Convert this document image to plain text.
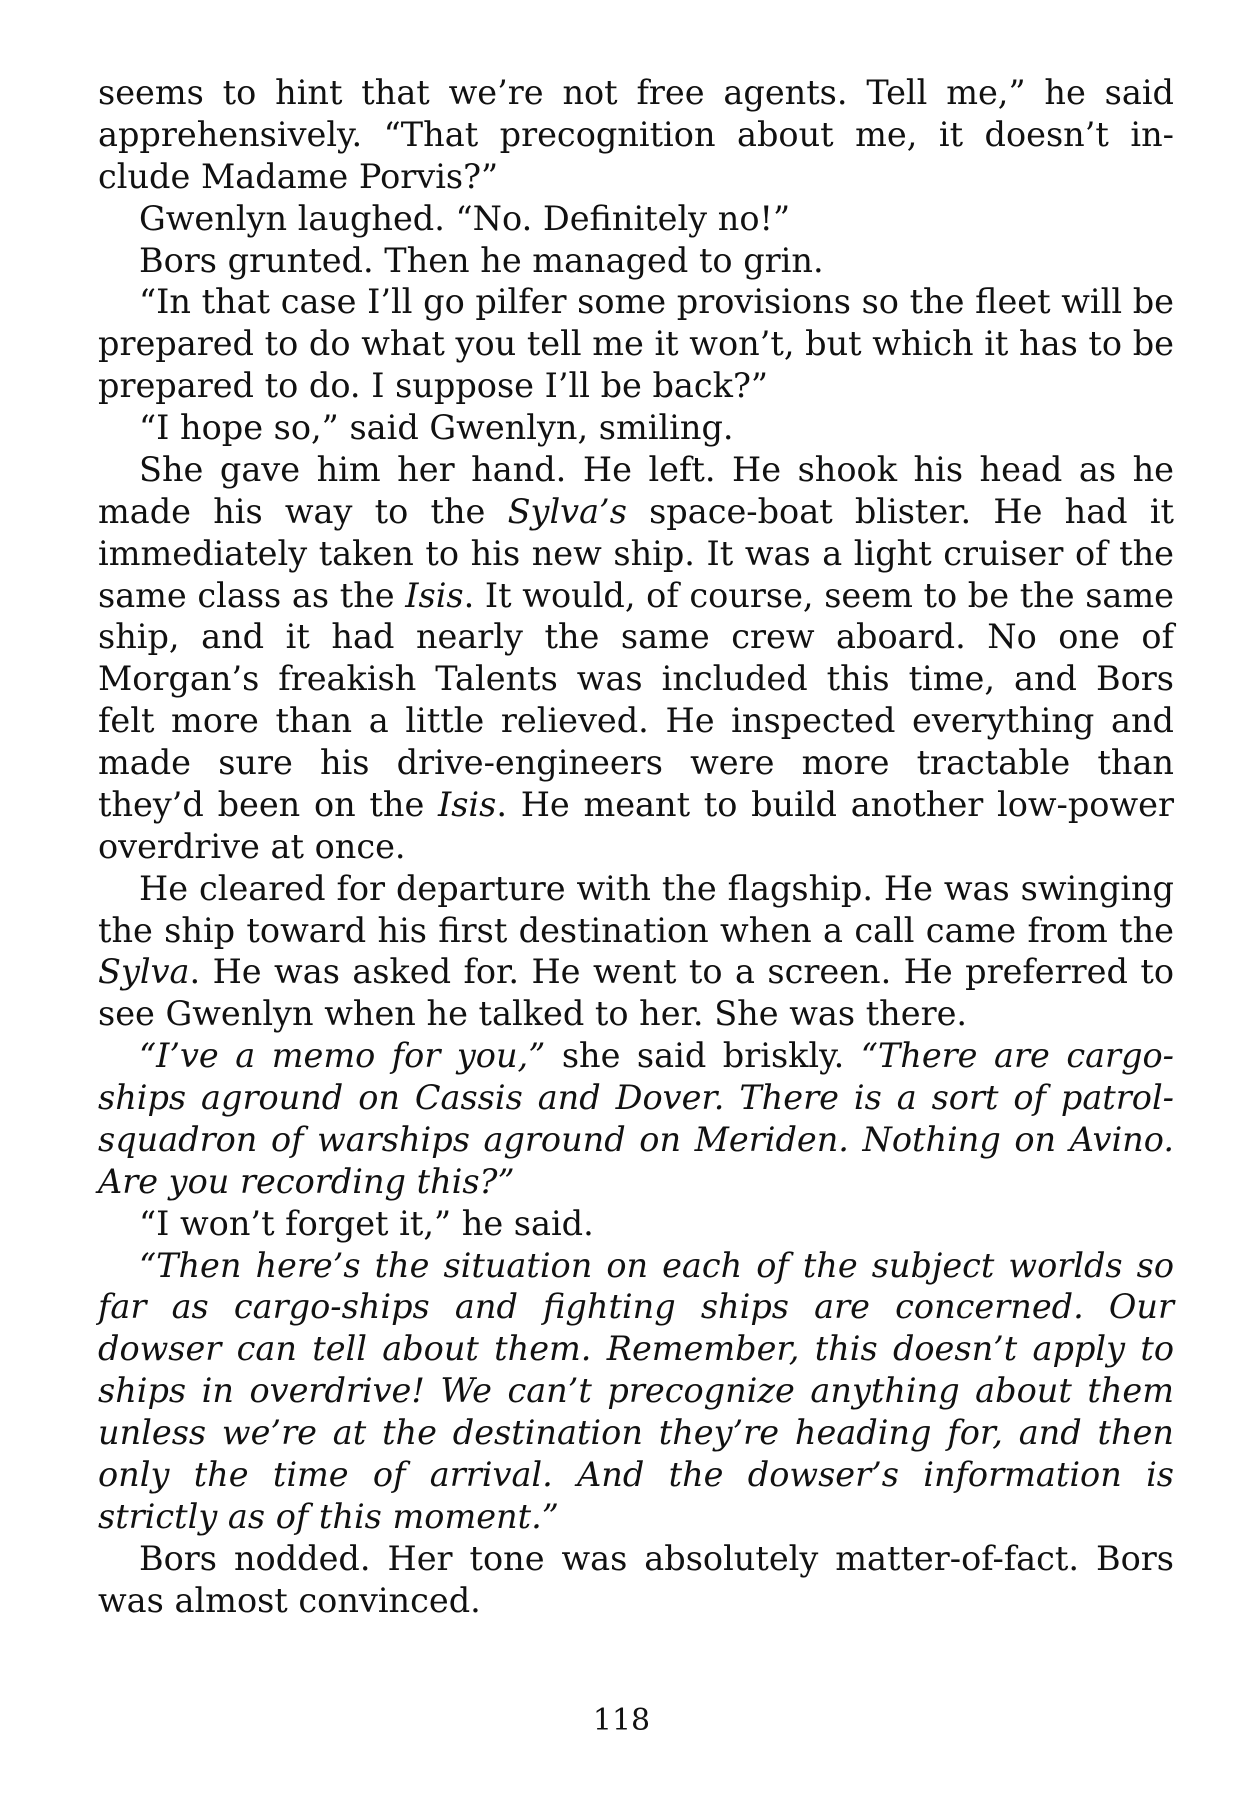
seems to hint that we’re not free agents. Tell me,” he said apprehensively. “That precognition about me, it doesn’t include Madame Porvis?”

Gwenlyn laughed. “No. Definitely no!”

Bors grunted. Then he managed to grin.

“In that case I’ll go pilfer some provisions so the fleet will be prepared to do what you tell me it won’t, but which it has to be prepared to do. I suppose I’ll be back?”

“I hope so,” said Gwenlyn, smiling.

She gave him her hand. He left. He shook his head as he made his way to the Sylva’s space-boat blister. He had it immediately taken to his new ship. It was a light cruiser of the same class as the Isis. It would, of course, seem to be the same ship, and it had nearly the same crew aboard. No one of Morgan’s freakish Talents was included this time, and Bors felt more than a little relieved. He inspected everything and made sure his drive-engineers were more tractable than they’d been on the Isis. He meant to build another low-power overdrive at once.

He cleared for departure with the flagship. He was swinging the ship toward his first destination when a call came from the Sylva. He was asked for. He went to a screen. He preferred to see Gwenlyn when he talked to her. She was there.

“I’ve a memo for you,” she said briskly. “There are cargo-ships aground on Cassis and Dover. There is a sort of patrol-squadron of warships aground on Meriden. Nothing on Avino. Are you recording this?”

“I won’t forget it,” he said.

“Then here’s the situation on each of the subject worlds so far as cargo-ships and fighting ships are concerned. Our dowser can tell about them. Remember, this doesn’t apply to ships in overdrive! We can’t precognize anything about them unless we’re at the destination they’re heading for, and then only the time of arrival. And the dowser’s information is strictly as of this moment.”

Bors nodded. Her tone was absolutely matter-of-fact. Bors was almost convinced.

118
